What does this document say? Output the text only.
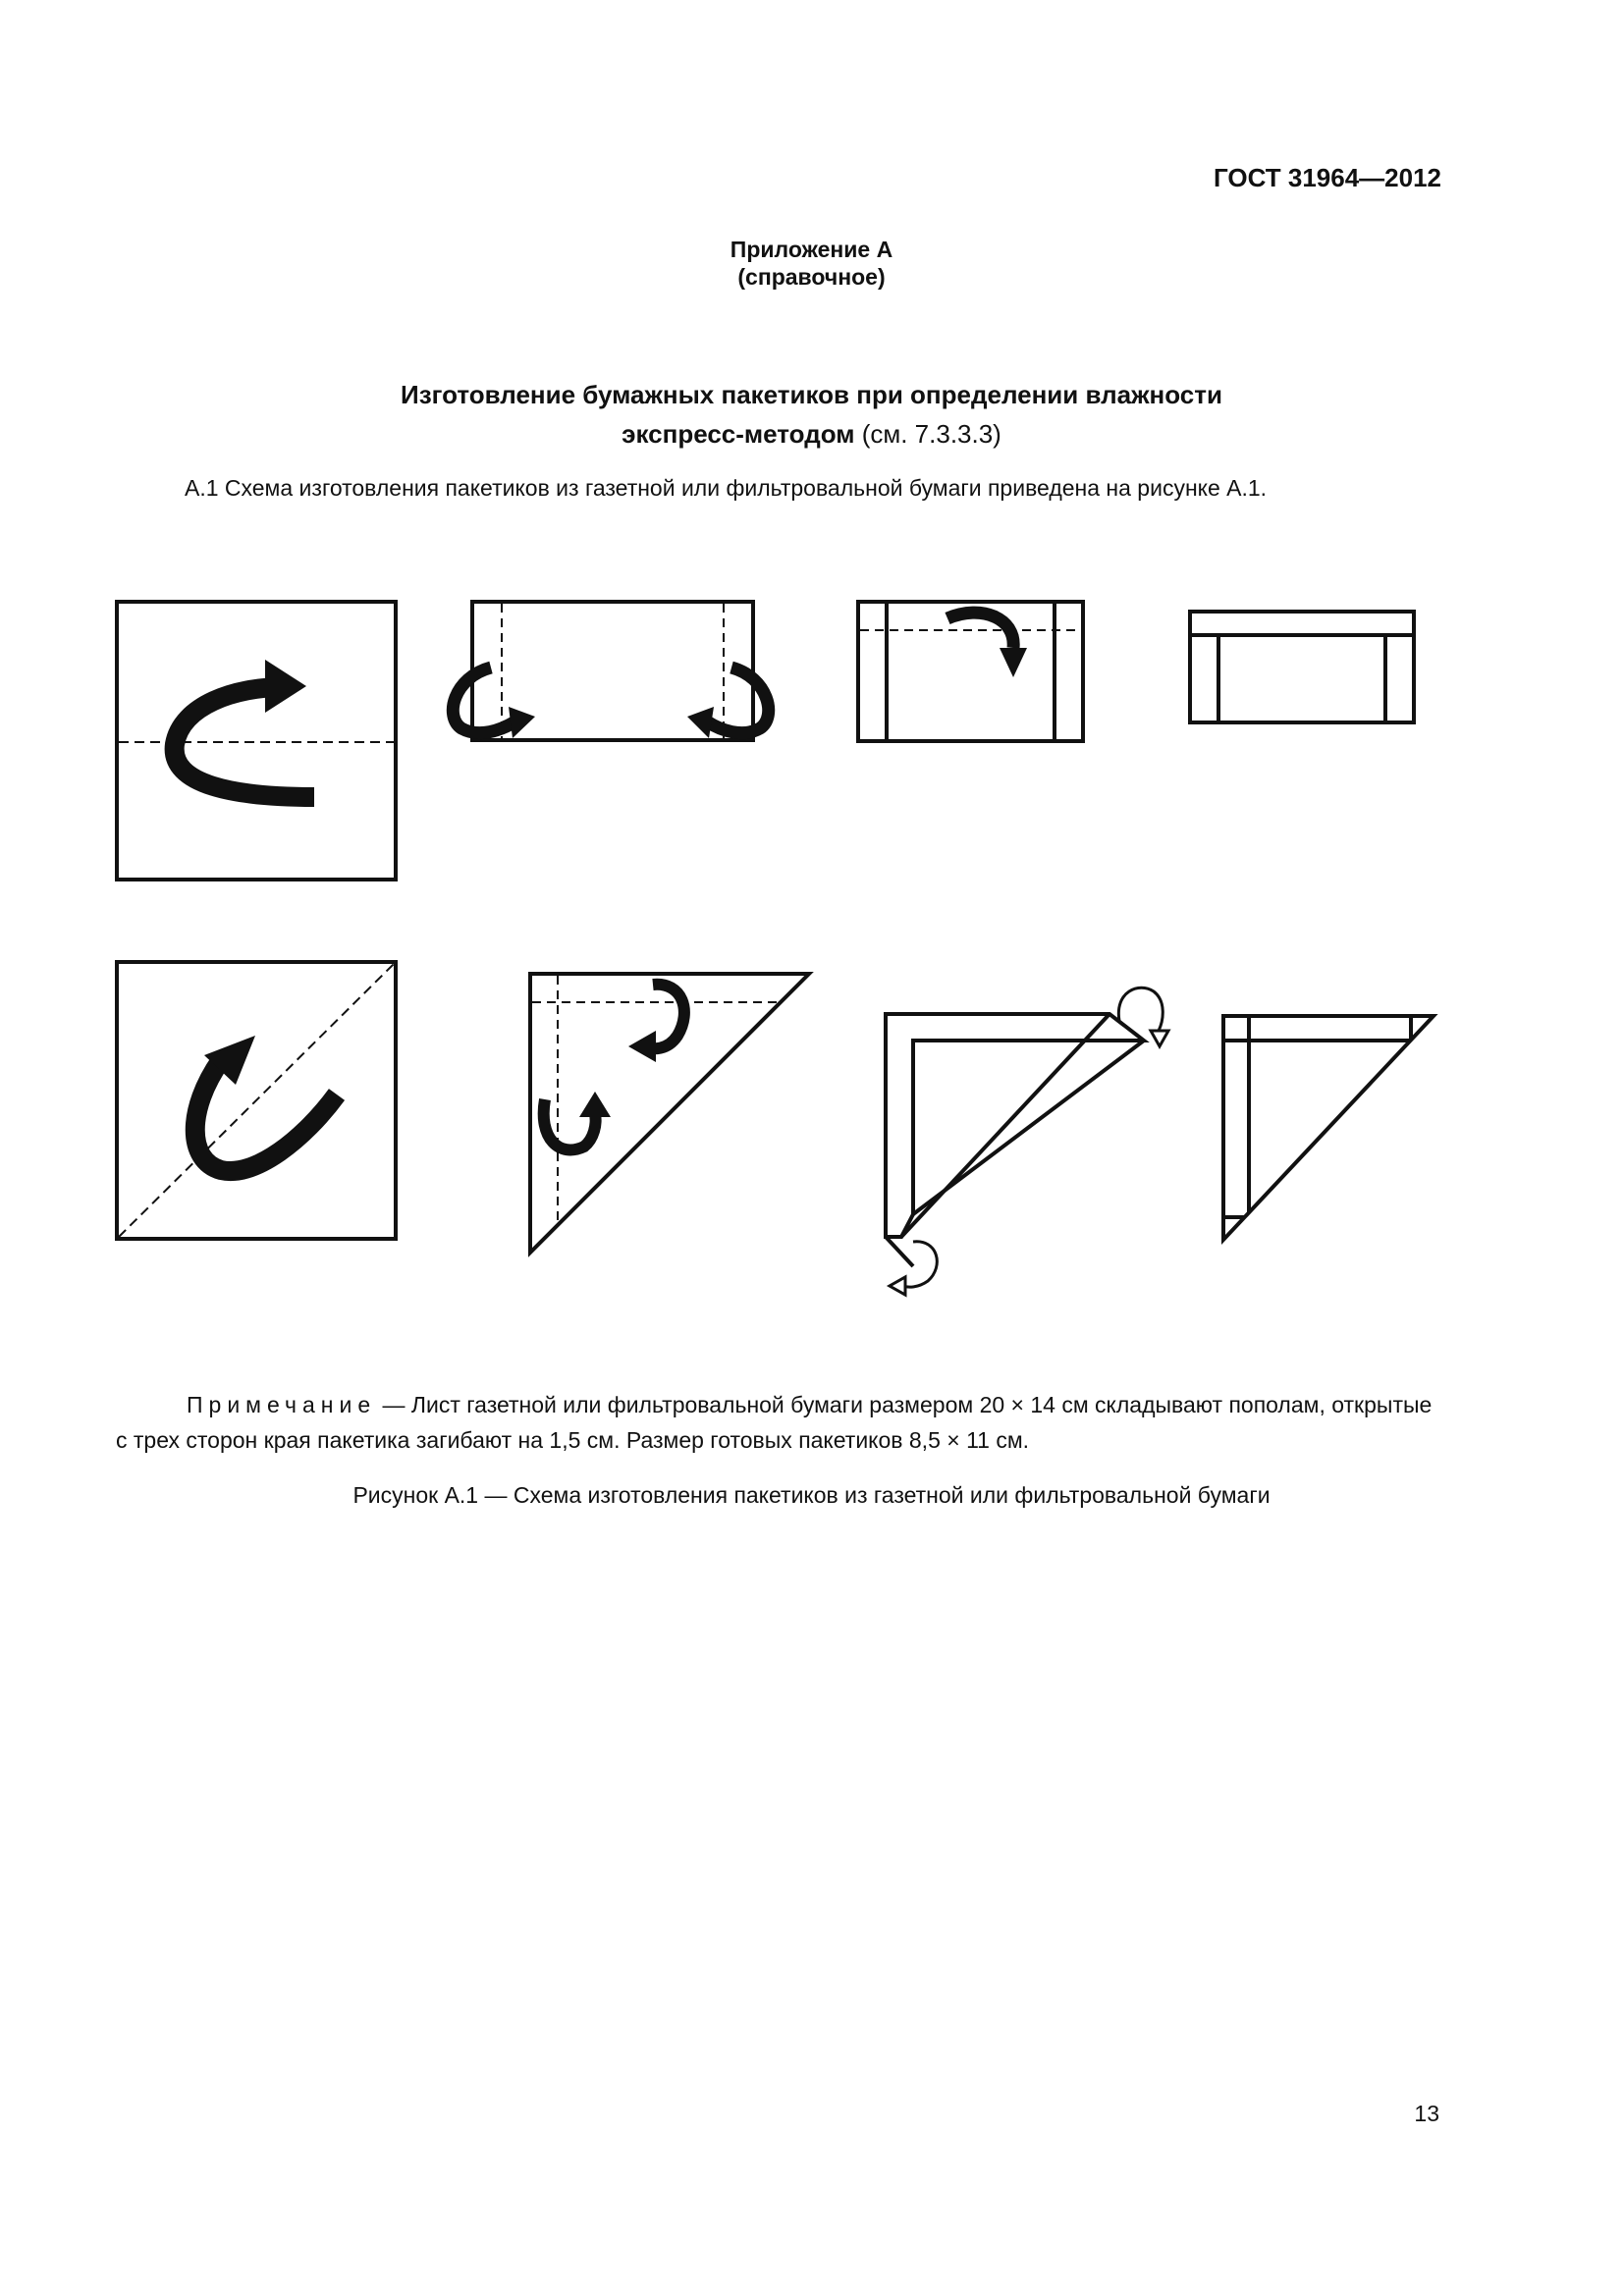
ГОСТ 31964—2012
Приложение А
(справочное)
Изготовление бумажных пакетиков при определении влажности
экспресс-методом (см. 7.3.3.3)
А.1 Схема изготовления пакетиков из газетной или фильтровальной бумаги приведена на рисунке А.1.
Примечание — Лист газетной или фильтровальной бумаги размером 20 × 14 см складывают пополам, открытые с трех сторон края пакетика загибают на 1,5 см. Размер готовых пакетиков 8,5 × 11 см.
Рисунок А.1 — Схема изготовления пакетиков из газетной или фильтровальной бумаги
13
